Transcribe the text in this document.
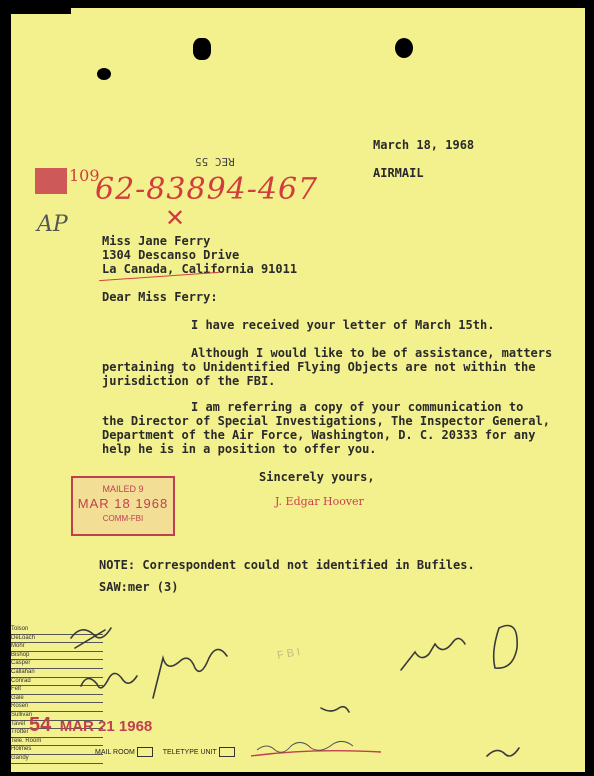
March 18, 1968
AIRMAIL
REC 55
109
62-83894-467
AP
Miss Jane Ferry
1304 Descanso Drive
La Canada, California 91011
✕
Dear Miss Ferry:
I have received your letter of March 15th.
Although I would like to be of assistance, matters
pertaining to Unidentified Flying Objects are not within the
jurisdiction of the FBI.
I am referring a copy of your communication to
the Director of Special Investigations, The Inspector General,
Department of the Air Force, Washington, D. C. 20333 for any
help he is in a position to offer you.
Sincerely yours,
J. Edgar Hoover
MAILED 9
MAR 18 1968
COMM-FBI
NOTE: Correspondent could not identified in Bufiles.
SAW:mer (3)
Tolson
DeLoach
Mohr
Bishop
Casper
Callahan
Conrad
Felt
Gale
Rosen
Sullivan
Tavel
Trotter
Tele. Room
Holmes
Gandy
F B I
54 MAR 21 1968
MAIL ROOM	TELETYPE UNIT
